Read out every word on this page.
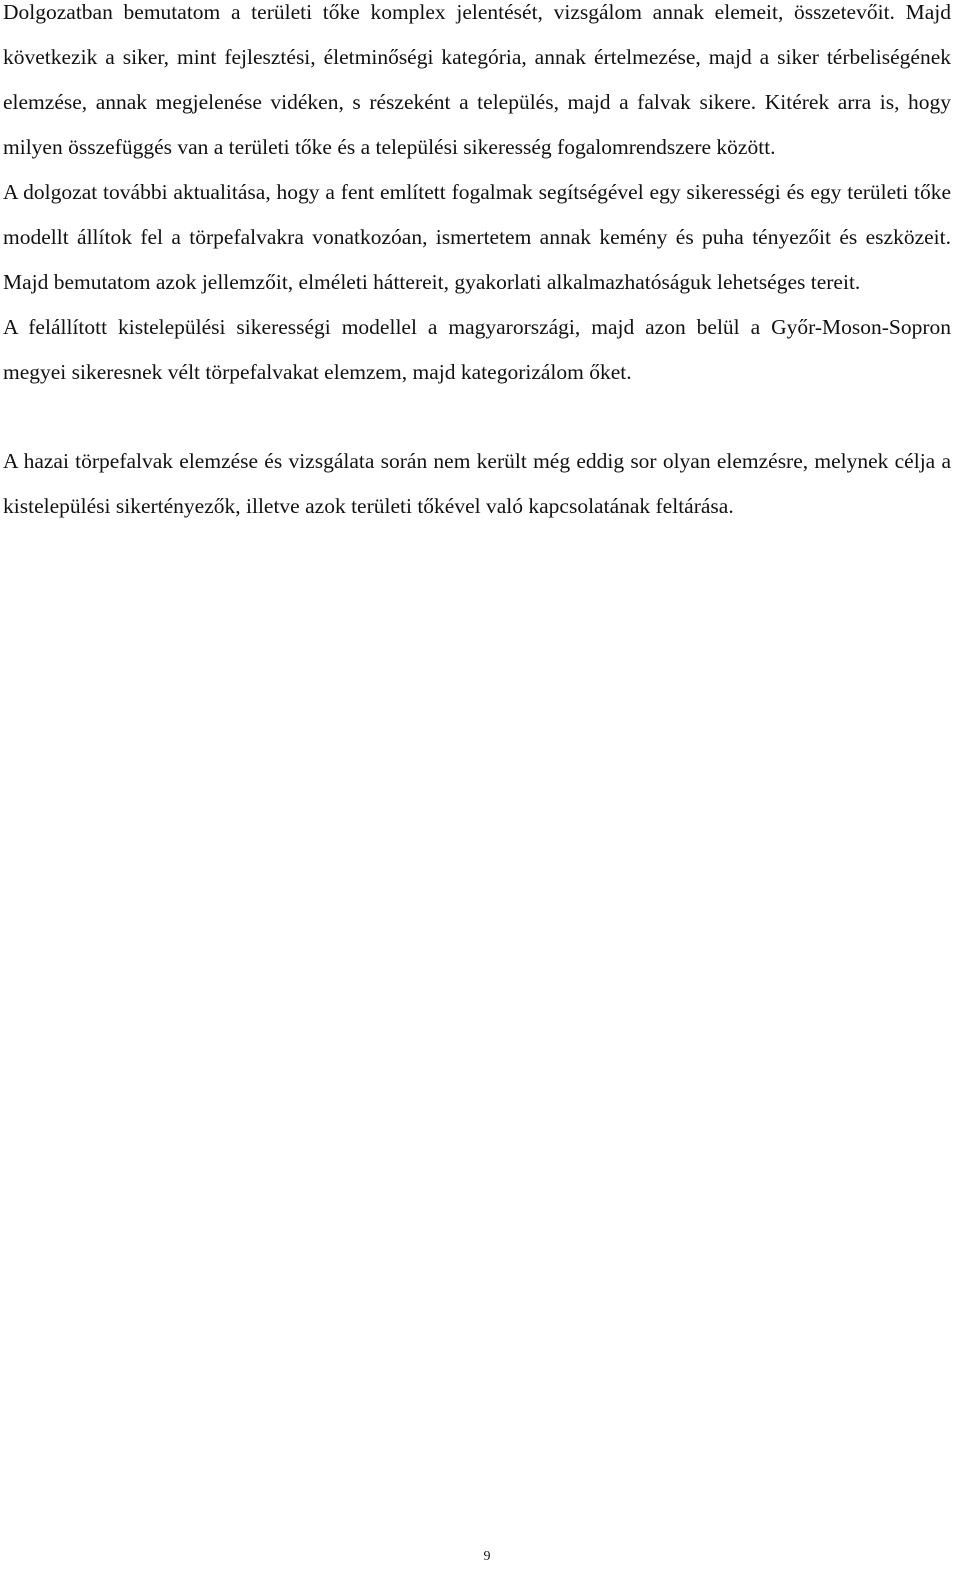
Dolgozatban bemutatom a területi tőke komplex jelentését, vizsgálom annak elemeit, összetevőit. Majd következik a siker, mint fejlesztési, életminőségi kategória, annak értelmezése, majd a siker térbeliségének elemzése, annak megjelenése vidéken, s részeként a település, majd a falvak sikere. Kitérek arra is, hogy milyen összefüggés van a területi tőke és a települési sikeresség fogalomrendszere között.

A dolgozat további aktualitása, hogy a fent említett fogalmak segítségével egy sikerességi és egy területi tőke modellt állítok fel a törpefalvakra vonatkozóan, ismertetem annak kemény és puha tényezőit és eszközeit. Majd bemutatom azok jellemzőit, elméleti háttereit, gyakorlati alkalmazhatóságuk lehetséges tereit.

A felállított kistelepülési sikerességi modellel a magyarországi, majd azon belül a Győr-Moson-Sopron megyei sikeresnek vélt törpefalvakat elemzem, majd kategorizálom őket.

A hazai törpefalvak elemzése és vizsgálata során nem került még eddig sor olyan elemzésre, melynek célja a kistelepülési sikertényezők, illetve azok területi tőkével való kapcsolatának feltárása.

9
